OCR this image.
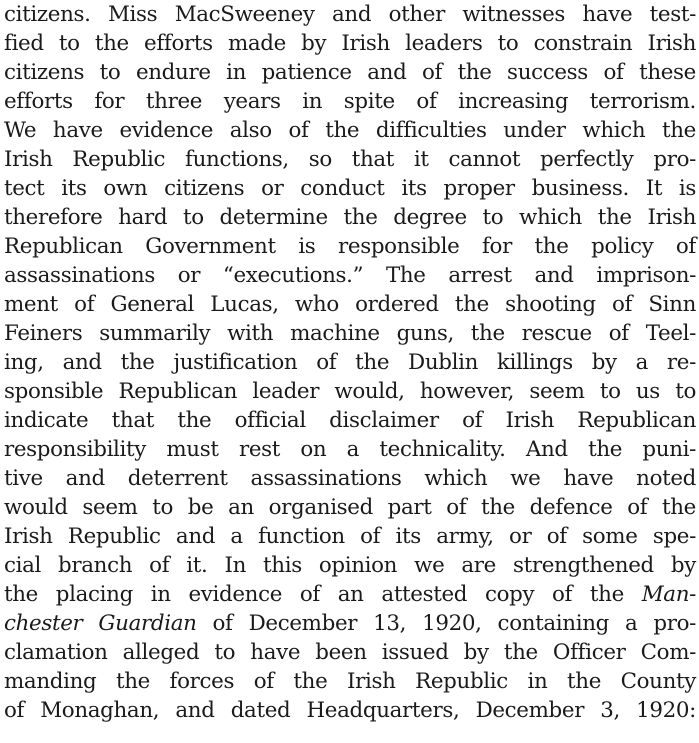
citizens. Miss MacSweeney and other witnesses have test-
fied to the efforts made by Irish leaders to constrain Irish
citizens to endure in patience and of the success of these
efforts for three years in spite of increasing terrorism.
We have evidence also of the difficulties under which the
Irish Republic functions, so that it cannot perfectly pro-
tect its own citizens or conduct its proper business. It is
therefore hard to determine the degree to which the Irish
Republican Government is responsible for the policy of
assassinations or “executions.” The arrest and imprison-
ment of General Lucas, who ordered the shooting of Sinn
Feiners summarily with machine guns, the rescue of Teel-
ing, and the justification of the Dublin killings by a re-
sponsible Republican leader would, however, seem to us to
indicate that the official disclaimer of Irish Republican
responsibility must rest on a technicality. And the puni-
tive and deterrent assassinations which we have noted
would seem to be an organised part of the defence of the
Irish Republic and a function of its army, or of some spe-
cial branch of it. In this opinion we are strengthened by
the placing in evidence of an attested copy of the Man-
chester Guardian of December 13, 1920, containing a pro-
clamation alleged to have been issued by the Officer Com-
manding the forces of the Irish Republic in the County
of Monaghan, and dated Headquarters, December 3, 1920:
